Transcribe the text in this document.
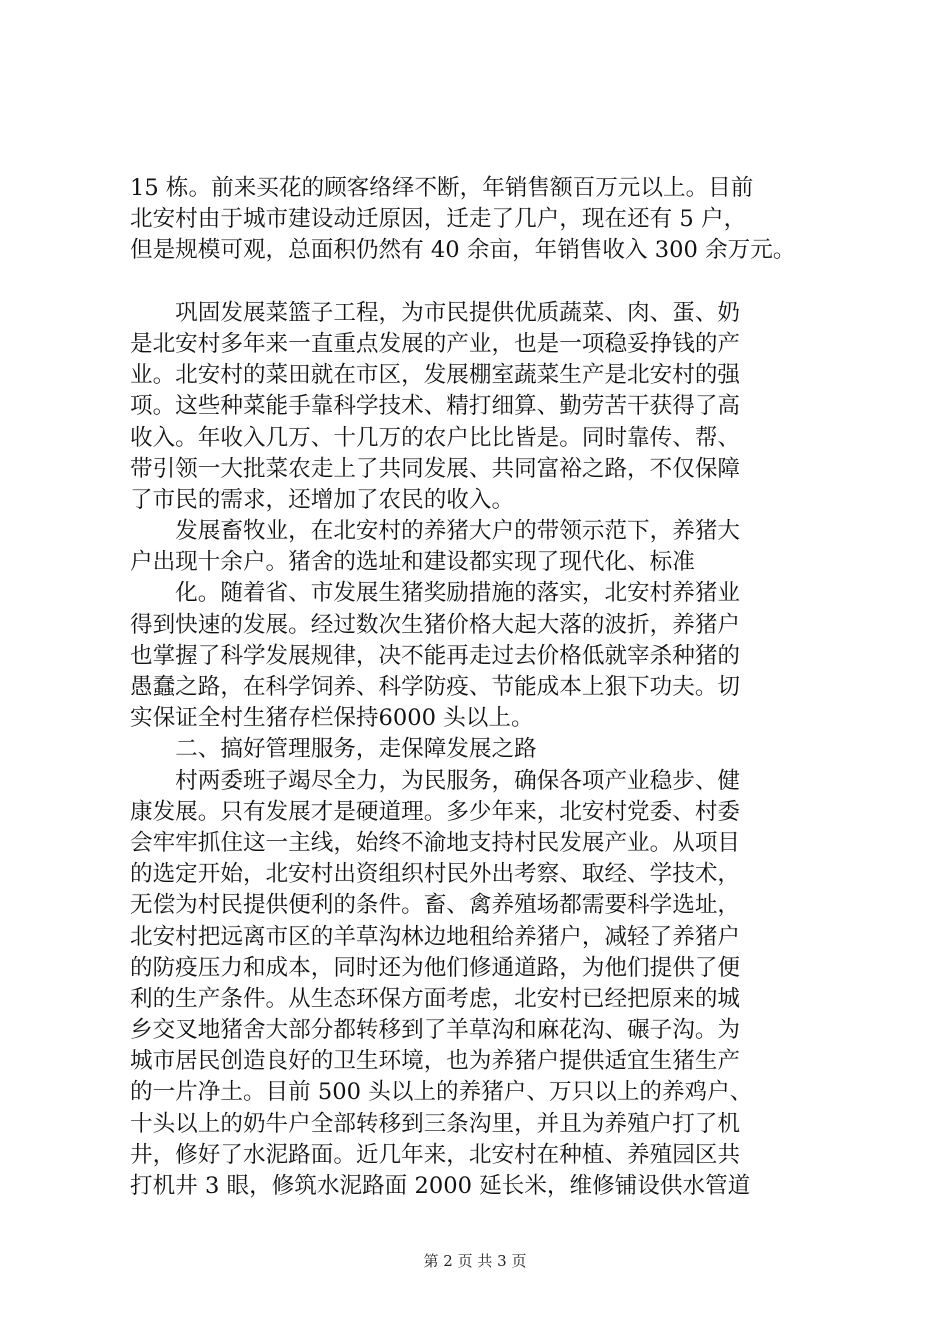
15 栋。前来买花的顾客络绎不断，年销售额百万元以上。目前
北安村由于城市建设动迁原因，迁走了几户，现在还有 5 户，
但是规模可观，总面积仍然有 40 余亩，年销售收入 300 余万元。
　　巩固发展菜篮子工程，为市民提供优质蔬菜、肉、蛋、奶
是北安村多年来一直重点发展的产业，也是一项稳妥挣钱的产
业。北安村的菜田就在市区，发展棚室蔬菜生产是北安村的强
项。这些种菜能手靠科学技术、精打细算、勤劳苦干获得了高
收入。年收入几万、十几万的农户比比皆是。同时靠传、帮、
带引领一大批菜农走上了共同发展、共同富裕之路，不仅保障
了市民的需求，还增加了农民的收入。
　　发展畜牧业，在北安村的养猪大户的带领示范下，养猪大
户出现十余户。猪舍的选址和建设都实现了现代化、标准
　　化。随着省、市发展生猪奖励措施的落实，北安村养猪业
得到快速的发展。经过数次生猪价格大起大落的波折，养猪户
也掌握了科学发展规律，决不能再走过去价格低就宰杀种猪的
愚蠢之路，在科学饲养、科学防疫、节能成本上狠下功夫。切
实保证全村生猪存栏保持6000 头以上。
　　二、搞好管理服务，走保障发展之路
　　村两委班子竭尽全力，为民服务，确保各项产业稳步、健
康发展。只有发展才是硬道理。多少年来，北安村党委、村委
会牢牢抓住这一主线，始终不渝地支持村民发展产业。从项目
的选定开始，北安村出资组织村民外出考察、取经、学技术，
无偿为村民提供便利的条件。畜、禽养殖场都需要科学选址，
北安村把远离市区的羊草沟林边地租给养猪户，减轻了养猪户
的防疫压力和成本，同时还为他们修通道路，为他们提供了便
利的生产条件。从生态环保方面考虑，北安村已经把原来的城
乡交叉地猪舍大部分都转移到了羊草沟和麻花沟、碾子沟。为
城市居民创造良好的卫生环境，也为养猪户提供适宜生猪生产
的一片净土。目前 500 头以上的养猪户、万只以上的养鸡户、
十头以上的奶牛户全部转移到三条沟里，并且为养殖户打了机
井，修好了水泥路面。近几年来，北安村在种植、养殖园区共
打机井 3 眼，修筑水泥路面 2000 延长米，维修铺设供水管道
第 2 页 共 3 页
